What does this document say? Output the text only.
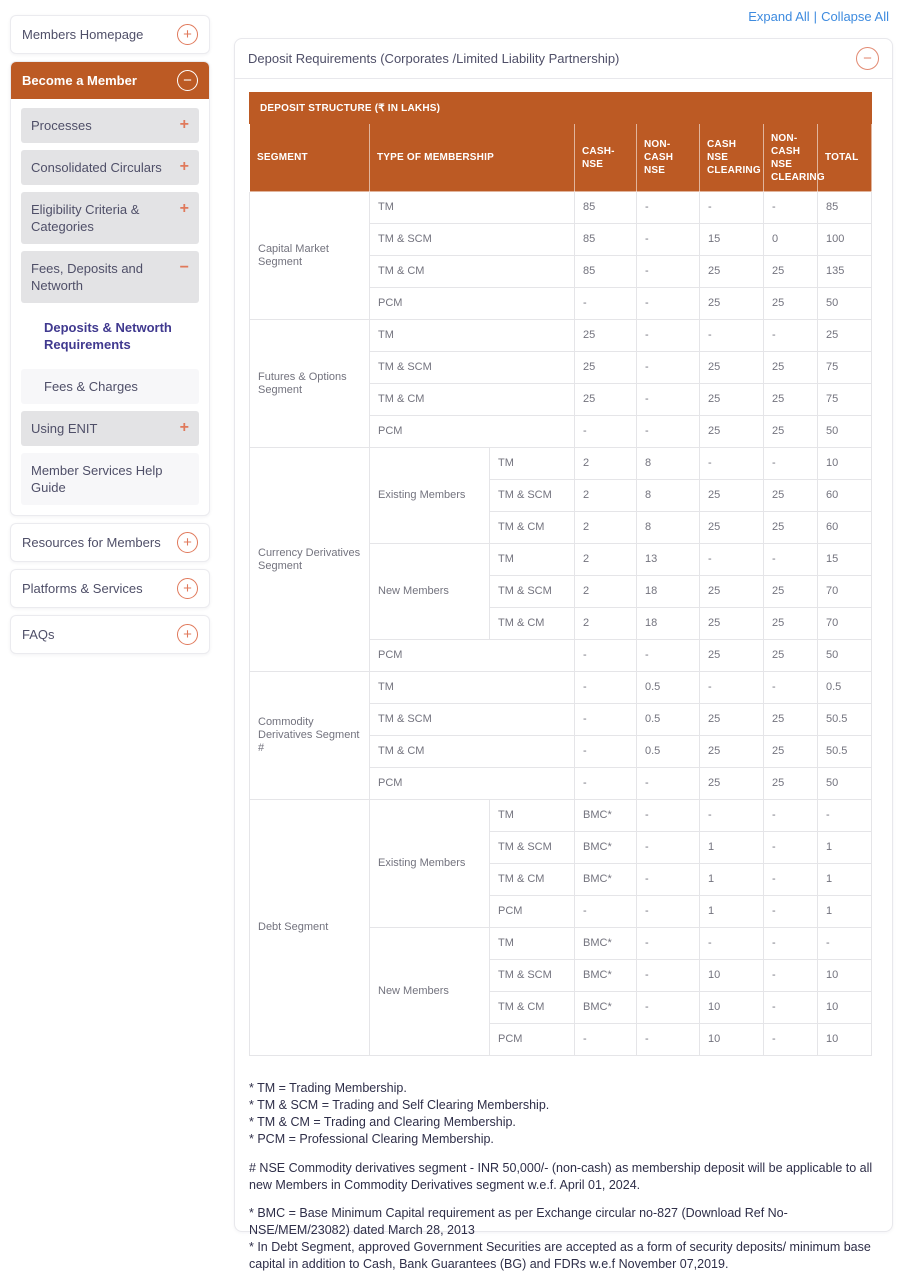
Members Homepage	+
Become a Member	−
Processes	+
Consolidated Circulars +
Eligibility Criteria & Categories
+
Fees, Deposits and Networth
−
Deposits & Networth Requirements
Fees & Charges
Using ENIT	+
Member Services Help Guide
Resources for Members	+
Platforms & Services	+
FAQs	+
Expand All | Collapse All
Deposit Requirements (Corporates /Limited Liability Partnership)	−
DEPOSIT STRUCTURE (₹ IN LAKHS)							
SEGMENT	TYPE OF MEMBERSHIP		CASH-NSE	NON-CASH NSE	CASH NSE CLEARING	NON-CASH NSE CLEARING	TOTAL
Capital Market Segment	TM		85	-	-	-	85
	TM & SCM		85	-	15	0	100
	TM & CM		85	-	25	25	135
	PCM		-	-	25	25	50
Futures & Options Segment	TM		25	-	-	-	25
	TM & SCM		25	-	25	25	75
	TM & CM		25	-	25	25	75
	PCM		-	-	25	25	50
Currency Derivatives Segment	Existing Members	TM	2	8	-	-	10
		TM & SCM	2	8	25	25	60
		TM & CM	2	8	25	25	60
	New Members	TM	2	13	-	-	15
		TM & SCM	2	18	25	25	70
		TM & CM	2	18	25	25	70
	PCM		-	-	25	25	50
Commodity Derivatives Segment #	TM		-	0.5	-	-	0.5
	TM & SCM		-	0.5	25	25	50.5
	TM & CM		-	0.5	25	25	50.5
	PCM		-	-	25	25	50
Debt Segment	Existing Members	TM	BMC*	-	-	-	-
		TM & SCM	BMC*	-	1	-	1
		TM & CM	BMC*	-	1	-	1
		PCM	-	-	1	-	1
	New Members	TM	BMC*	-	-	-	-
		TM & SCM	BMC*	-	10	-	10
		TM & CM	BMC*	-	10	-	10
		PCM	-	-	10	-	10

* TM = Trading Membership.
* TM & SCM = Trading and Self Clearing Membership.
* TM & CM = Trading and Clearing Membership.
* PCM = Professional Clearing Membership.

# NSE Commodity derivatives segment - INR 50,000/- (non-cash) as membership deposit will be applicable to all new Members in Commodity Derivatives segment w.e.f. April 01, 2024.

* BMC = Base Minimum Capital requirement as per Exchange circular no-827 (Download Ref No-NSE/MEM/23082) dated March 28, 2013

* In Debt Segment, approved Government Securities are accepted as a form of security deposits/ minimum base capital in addition to Cash, Bank Guarantees (BG) and FDRs w.e.f November 07,2019.
